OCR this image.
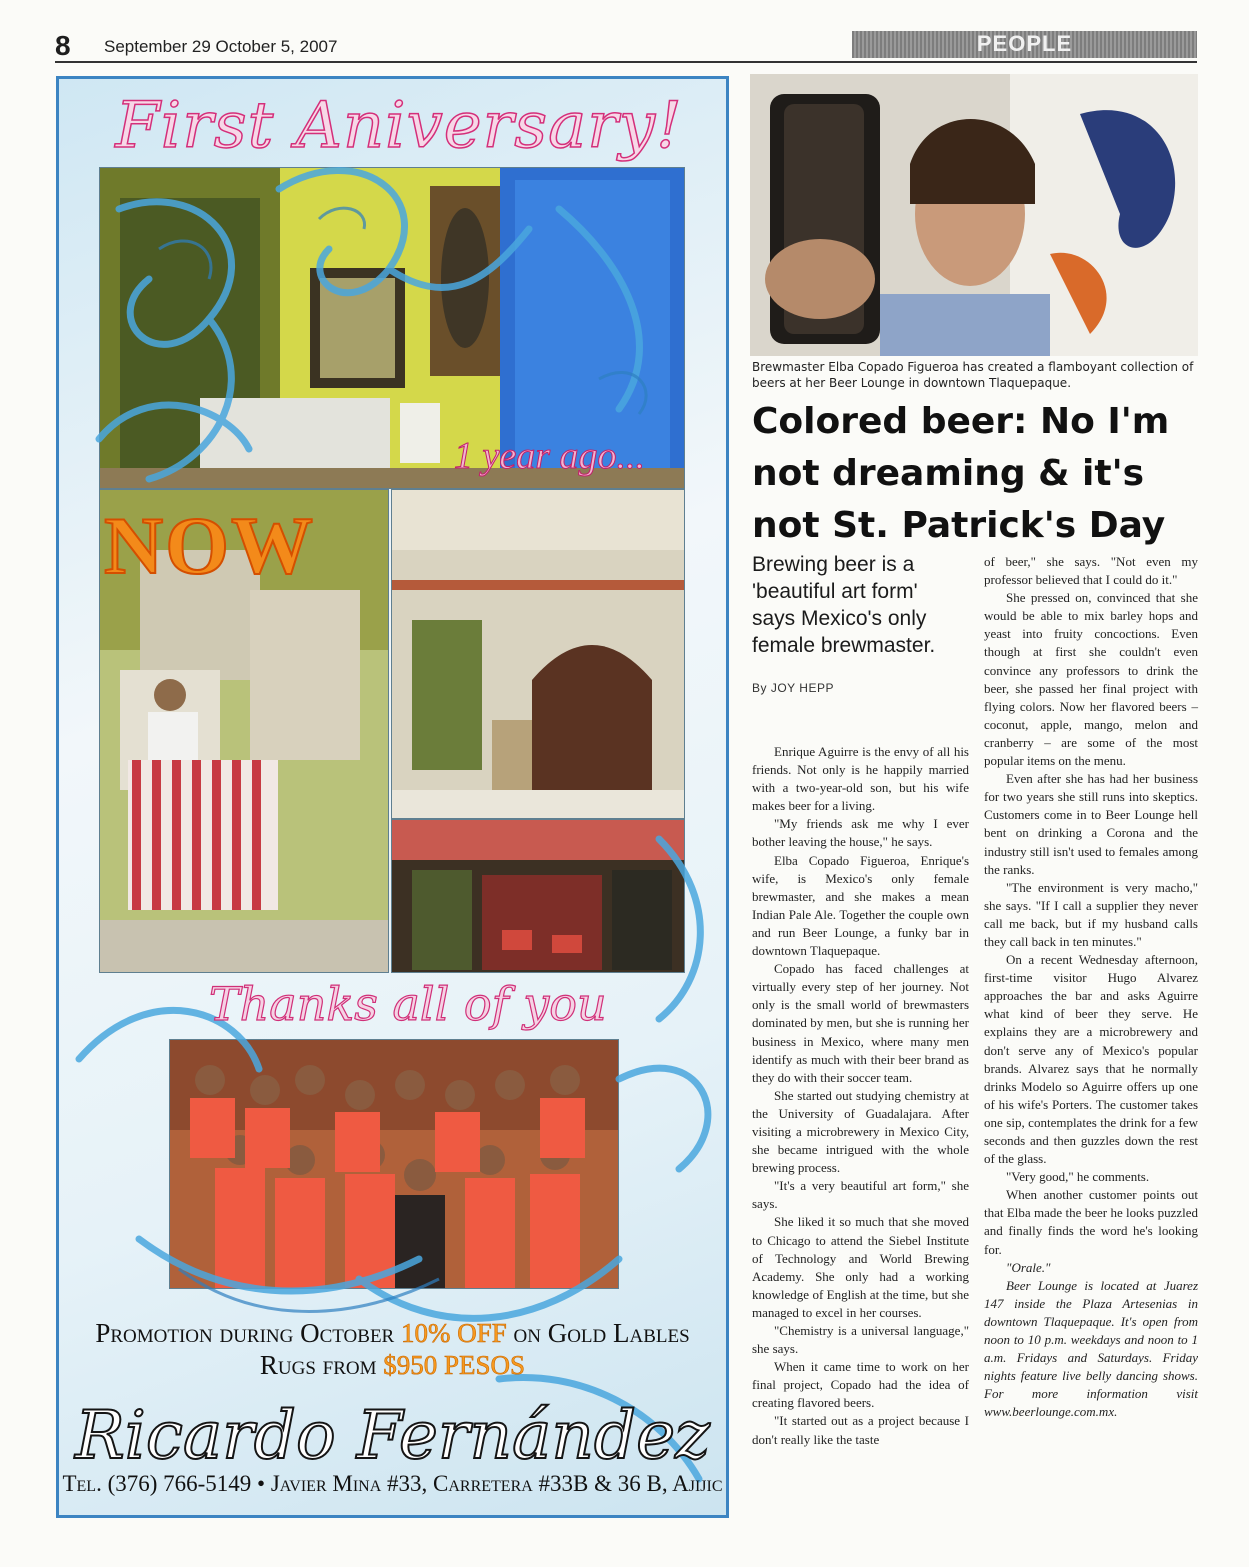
8 September 29 October 5, 2007	PEOPLE
First Aniversary!
1 year ago...
NOW
Thanks all of you
Promotion during October 10% OFF on Gold Lables
Rugs from $950 PESOS
Ricardo Fernández
Tel. (376) 766-5149 • Javier Mina #33, Carretera #33B & 36 B, Ajijic
Brewmaster Elba Copado Figueroa has created a flamboyant collection of beers at her Beer Lounge in downtown Tlaquepaque.
Colored beer: No I'm not dreaming & it's not St. Patrick's Day
Brewing beer is a 'beautiful art form' says Mexico's only female brewmaster.
By JOY HEPP

Enrique Aguirre is the envy of all his friends. Not only is he happily married with a two-year-old son, but his wife makes beer for a living.

"My friends ask me why I ever bother leaving the house," he says.

Elba Copado Figueroa, Enrique's wife, is Mexico's only female brewmaster, and she makes a mean Indian Pale Ale. Together the couple own and run Beer Lounge, a funky bar in downtown Tlaquepaque.

Copado has faced challenges at virtually every step of her journey. Not only is the small world of brewmasters dominated by men, but she is running her business in Mexico, where many men identify as much with their beer brand as they do with their soccer team.

She started out studying chemistry at the University of Guadalajara. After visiting a microbrewery in Mexico City, she became intrigued with the whole brewing process.

"It's a very beautiful art form," she says.

She liked it so much that she moved to Chicago to attend the Siebel Institute of Technology and World Brewing Academy. She only had a working knowledge of English at the time, but she managed to excel in her courses.

"Chemistry is a universal language," she says.

When it came time to work on her final project, Copado had the idea of creating flavored beers.

"It started out as a project because I don't really like the taste

of beer," she says. "Not even my professor believed that I could do it."

She pressed on, convinced that she would be able to mix barley hops and yeast into fruity concoctions. Even though at first she couldn't even convince any professors to drink the beer, she passed her final project with flying colors. Now her flavored beers – coconut, apple, mango, melon and cranberry – are some of the most popular items on the menu.

Even after she has had her business for two years she still runs into skeptics. Customers come in to Beer Lounge hell bent on drinking a Corona and the industry still isn't used to females among the ranks.

"The environment is very macho," she says. "If I call a supplier they never call me back, but if my husband calls they call back in ten minutes."

On a recent Wednesday afternoon, first-time visitor Hugo Alvarez approaches the bar and asks Aguirre what kind of beer they serve. He explains they are a microbrewery and don't serve any of Mexico's popular brands. Alvarez says that he normally drinks Modelo so Aguirre offers up one of his wife's Porters. The customer takes one sip, contemplates the drink for a few seconds and then guzzles down the rest of the glass.

"Very good," he comments.

When another customer points out that Elba made the beer he looks puzzled and finally finds the word he's looking for.

"Orale."

Beer Lounge is located at Juarez 147 inside the Plaza Artesenias in downtown Tlaquepaque. It's open from noon to 10 p.m. weekdays and noon to 1 a.m. Fridays and Saturdays. Friday nights feature live belly dancing shows. For more information visit www.beerlounge.com.mx.
